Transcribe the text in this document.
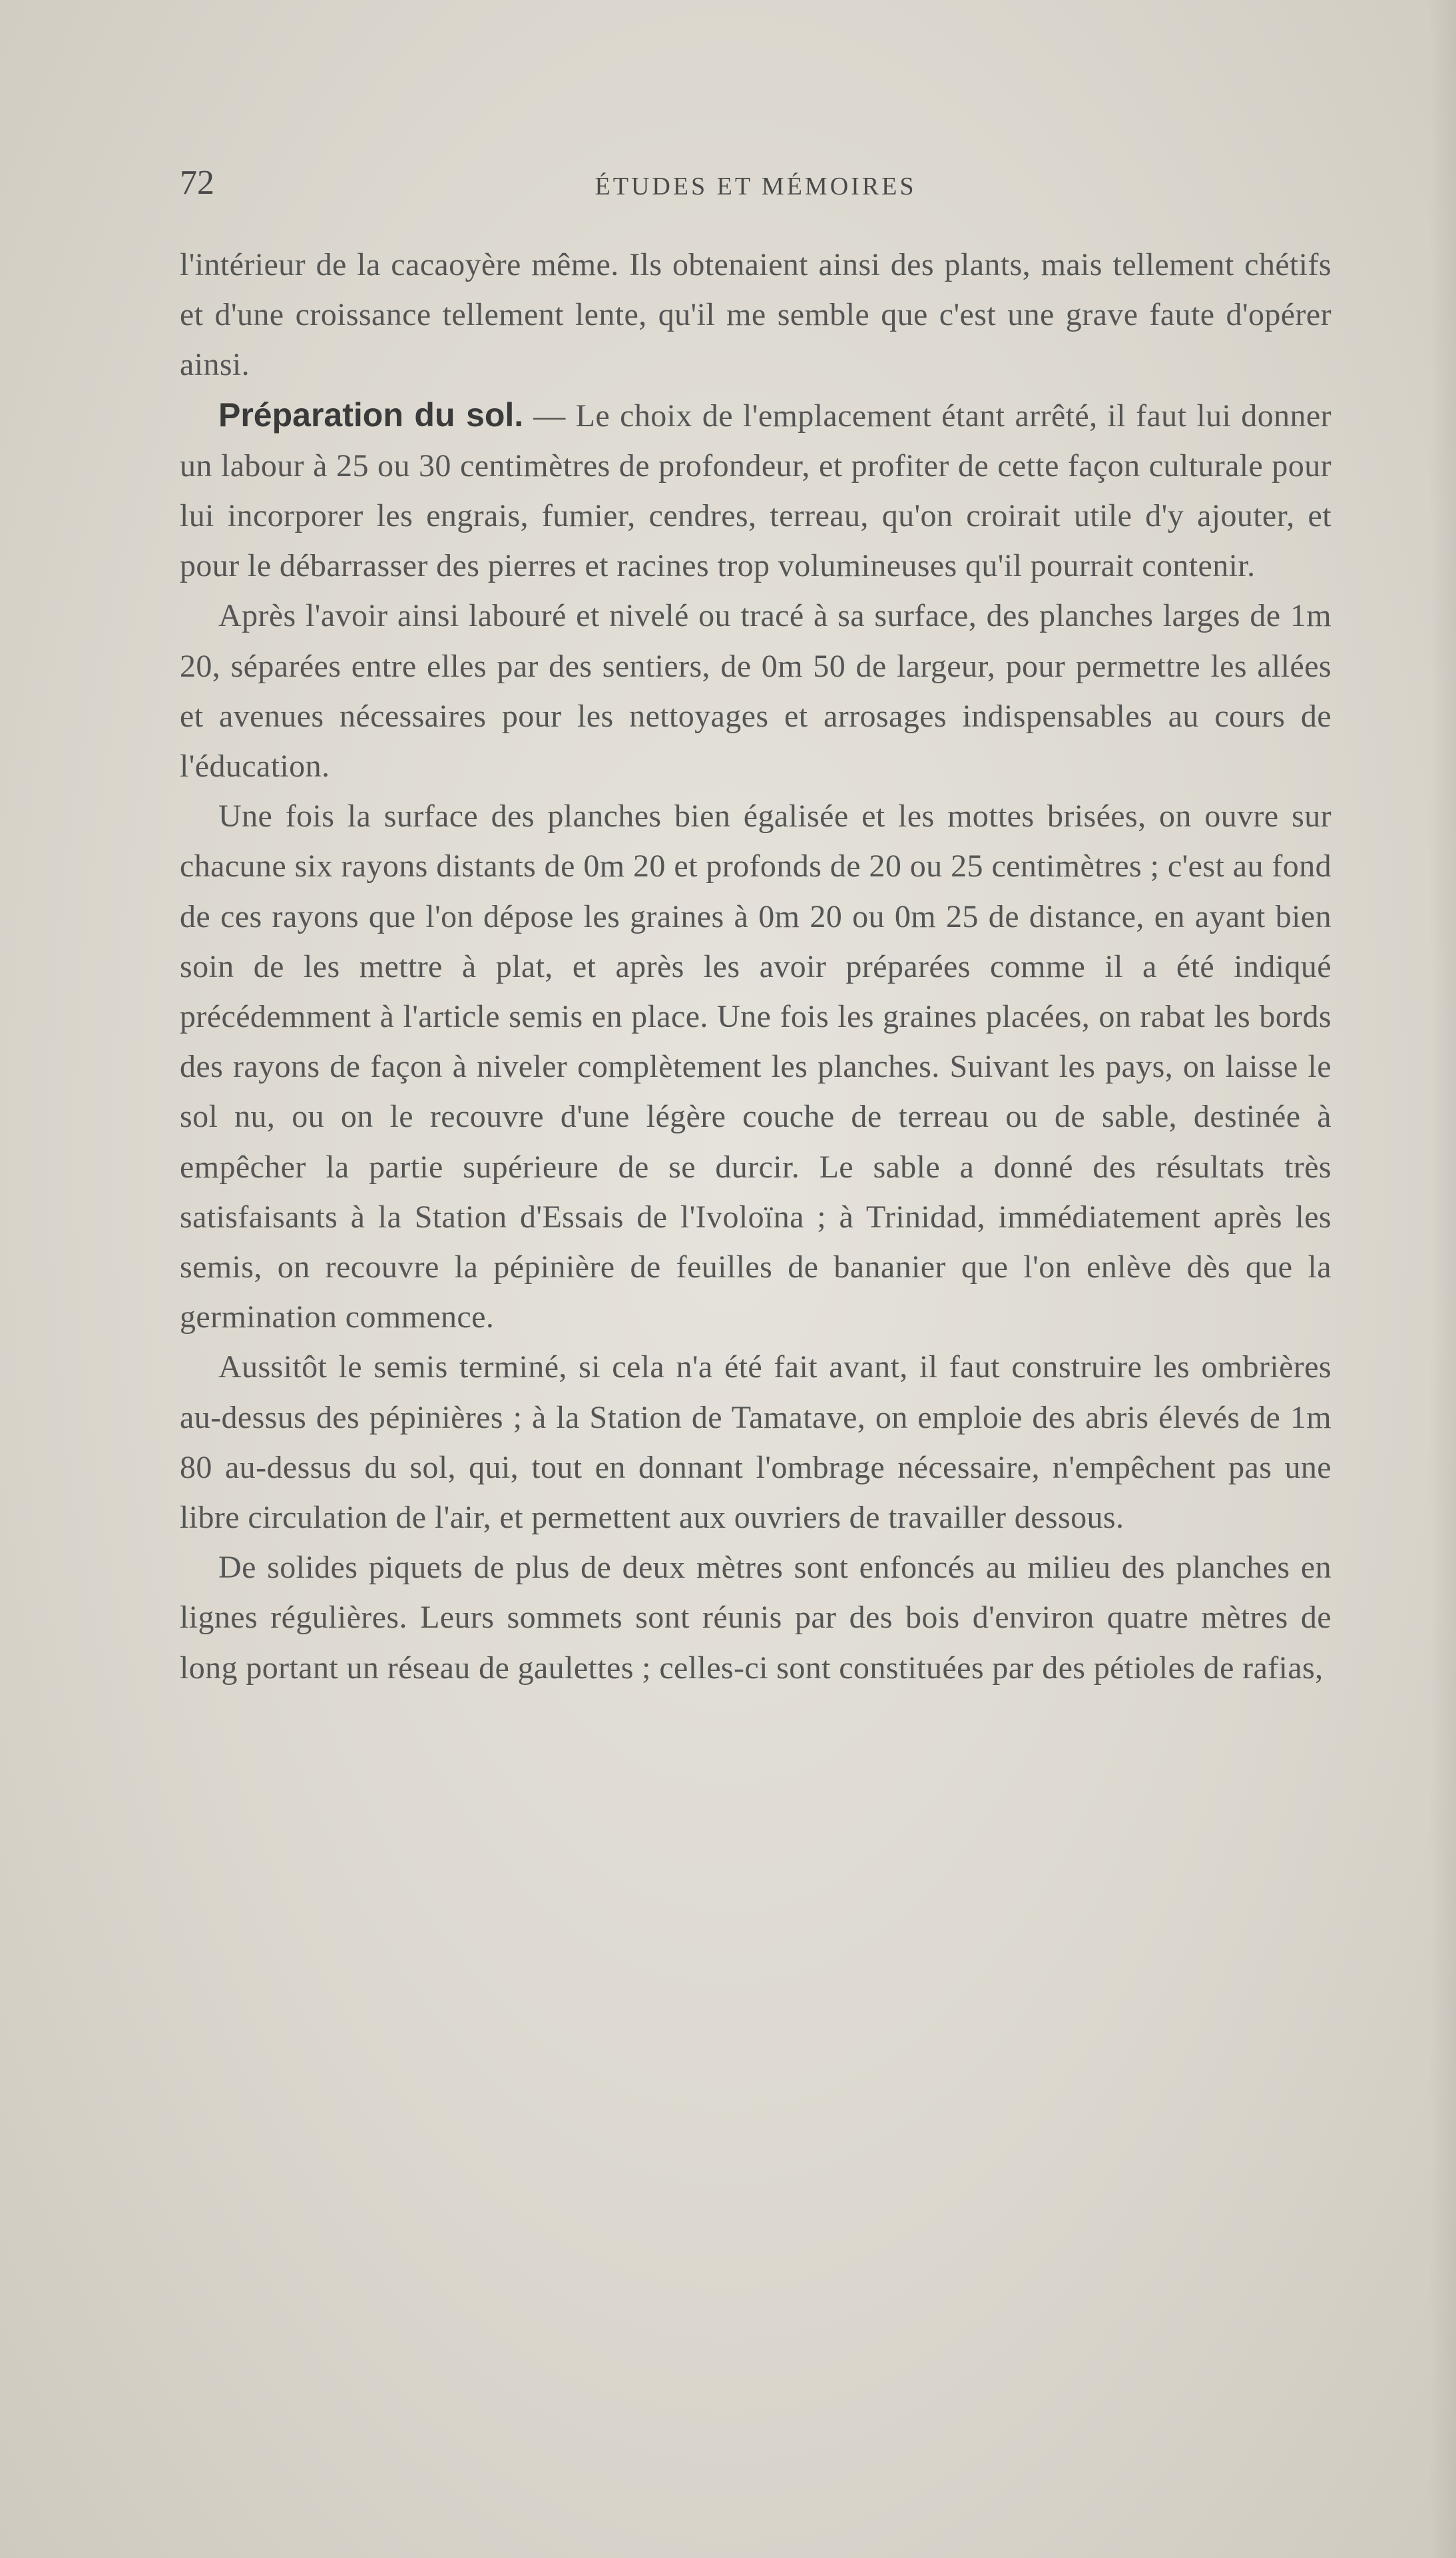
72	ÉTUDES ET MÉMOIRES

l'intérieur de la cacaoyère même. Ils obtenaient ainsi des plants, mais tellement chétifs et d'une croissance tellement lente, qu'il me semble que c'est une grave faute d'opérer ainsi.

Préparation du sol. — Le choix de l'emplacement étant arrêté, il faut lui donner un labour à 25 ou 30 centimètres de profondeur, et profiter de cette façon culturale pour lui incorporer les engrais, fumier, cendres, terreau, qu'on croirait utile d'y ajouter, et pour le débarrasser des pierres et racines trop volumineuses qu'il pourrait contenir.

Après l'avoir ainsi labouré et nivelé ou tracé à sa surface, des planches larges de 1m 20, séparées entre elles par des sentiers, de 0m 50 de largeur, pour permettre les allées et avenues nécessaires pour les nettoyages et arrosages indispensables au cours de l'éducation.

Une fois la surface des planches bien égalisée et les mottes brisées, on ouvre sur chacune six rayons distants de 0m 20 et profonds de 20 ou 25 centimètres ; c'est au fond de ces rayons que l'on dépose les graines à 0m 20 ou 0m 25 de distance, en ayant bien soin de les mettre à plat, et après les avoir préparées comme il a été indiqué précédemment à l'article semis en place. Une fois les graines placées, on rabat les bords des rayons de façon à niveler complètement les planches. Suivant les pays, on laisse le sol nu, ou on le recouvre d'une légère couche de terreau ou de sable, destinée à empêcher la partie supérieure de se durcir. Le sable a donné des résultats très satisfaisants à la Station d'Essais de l'Ivoloïna ; à Trinidad, immédiatement après les semis, on recouvre la pépinière de feuilles de bananier que l'on enlève dès que la germination commence.

Aussitôt le semis terminé, si cela n'a été fait avant, il faut construire les ombrières au-dessus des pépinières ; à la Station de Tamatave, on emploie des abris élevés de 1m 80 au-dessus du sol, qui, tout en donnant l'ombrage nécessaire, n'empêchent pas une libre circulation de l'air, et permettent aux ouvriers de travailler dessous.

De solides piquets de plus de deux mètres sont enfoncés au milieu des planches en lignes régulières. Leurs sommets sont réunis par des bois d'environ quatre mètres de long portant un réseau de gaulettes ; celles-ci sont constituées par des pétioles de rafias,
